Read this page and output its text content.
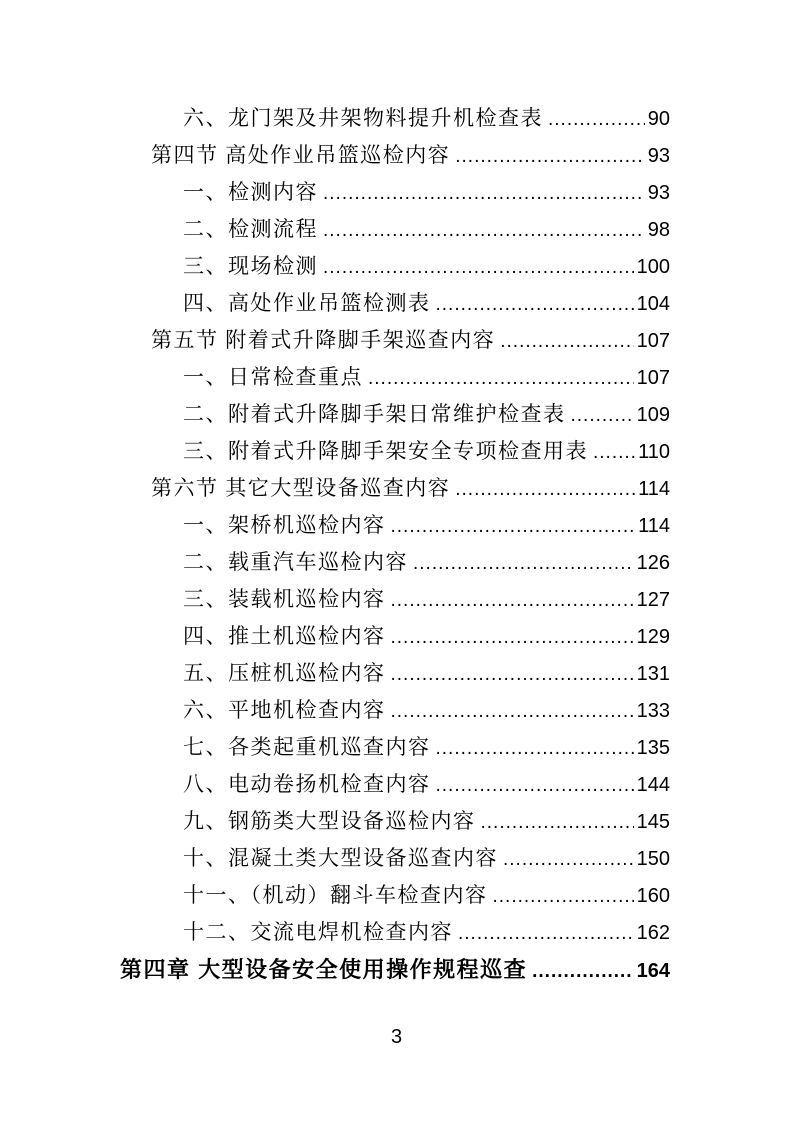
六、龙门架及井架物料提升机检查表 .....	90
第四节 高处作业吊篮巡检内容 .....	93
一、检测内容 .....	93
二、检测流程 .....	98
三、现场检测 .....	100
四、高处作业吊篮检测表 .....	104
第五节 附着式升降脚手架巡查内容 .....	107
一、日常检查重点 .....	107
二、附着式升降脚手架日常维护检查表 .....	109
三、附着式升降脚手架安全专项检查用表 .....	110
第六节 其它大型设备巡查内容 .....	114
一、架桥机巡检内容 .....	114
二、载重汽车巡检内容 .....	126
三、装载机巡检内容 .....	127
四、推土机巡检内容 .....	129
五、压桩机巡检内容 .....	131
六、平地机检查内容 .....	133
七、各类起重机巡查内容 .....	135
八、电动卷扬机检查内容 .....	144
九、钢筋类大型设备巡检内容 .....	145
十、混凝土类大型设备巡查内容 .....	150
十一、（机动）翻斗车检查内容 .....	160
十二、交流电焊机检查内容 .....	162
第四章 大型设备安全使用操作规程巡查 .....	164
3
